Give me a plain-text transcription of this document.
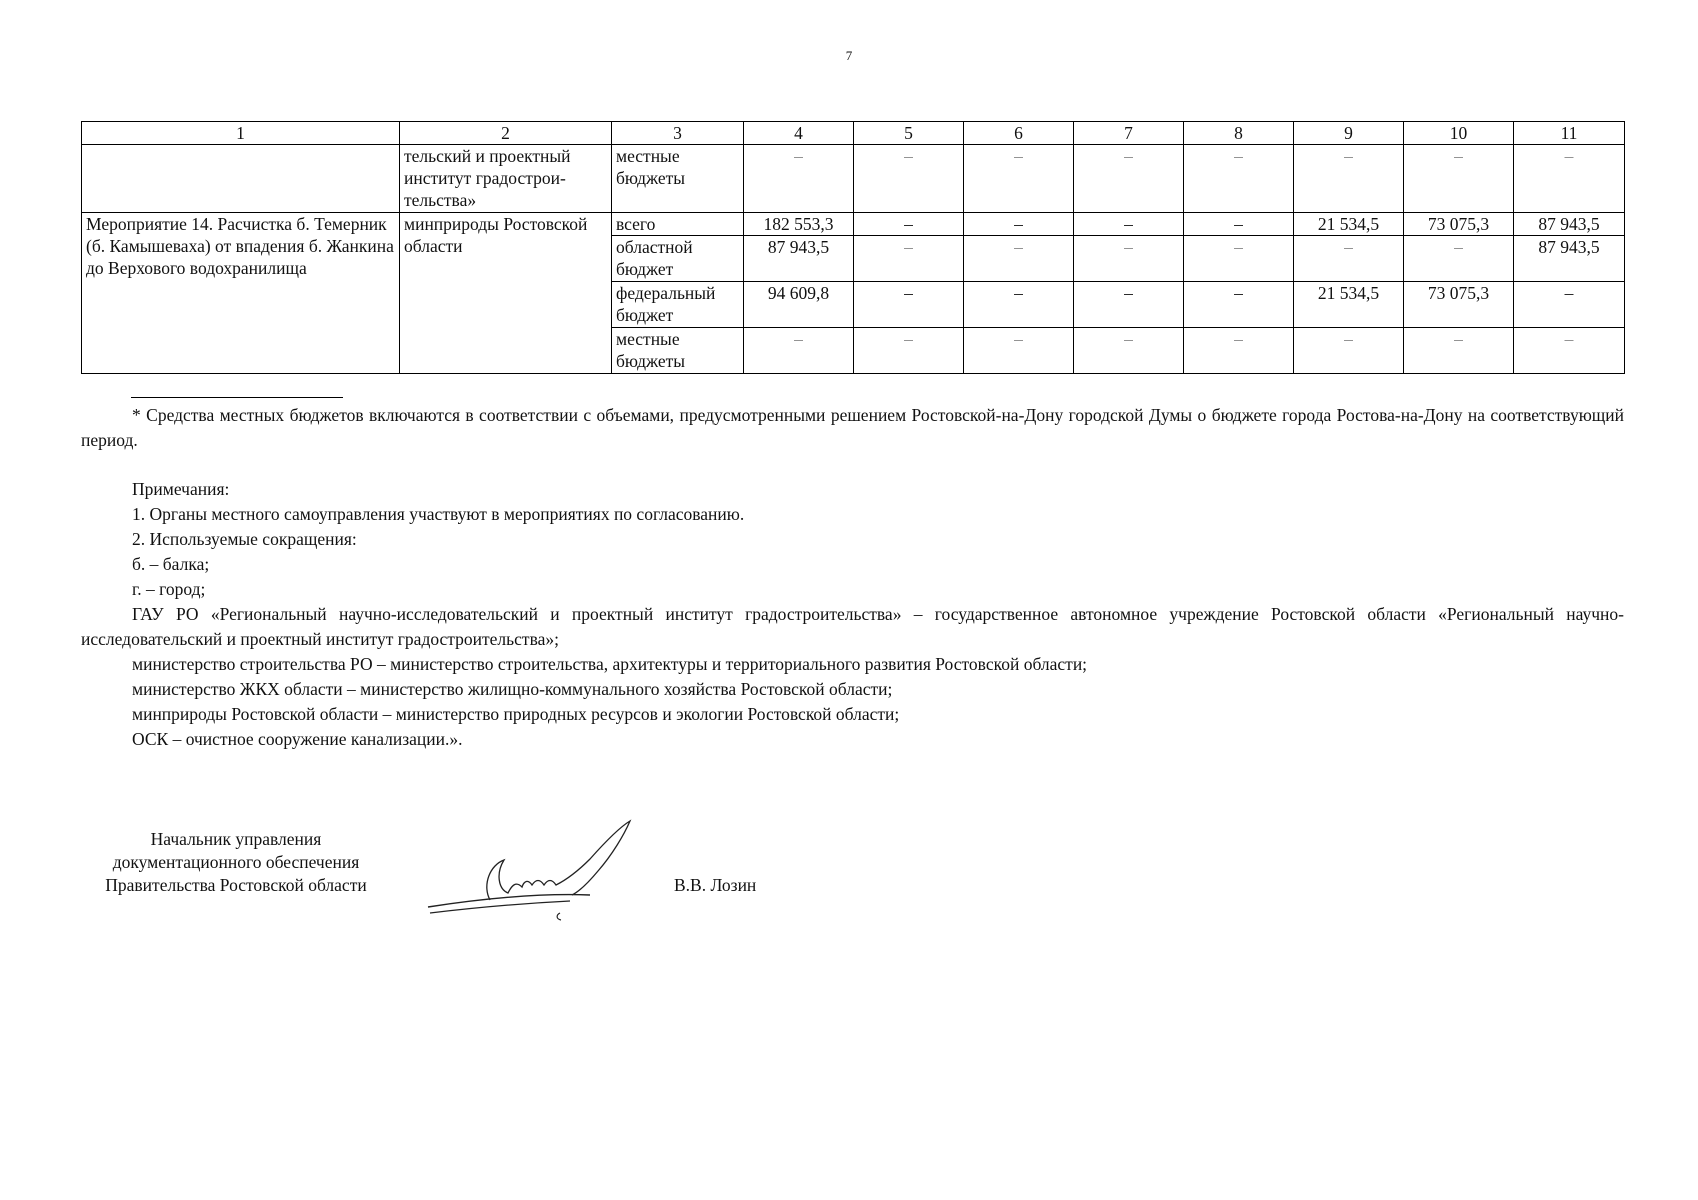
7
1	2	3	4	5	6	7	8	9	10	11
	тельский и проектный институт градострои-тельства»	местные бюджеты	–	–	–	–	–	–	–	–
Мероприятие 14. Расчистка б. Темерник (б. Камышеваха) от впадения б. Жанкина до Верхового водохранилища	минприроды Ростовской области	всего	182 553,3	–	–	–	–	21 534,5	73 075,3	87 943,5
		областной бюджет	87 943,5	–	–	–	–	–	–	87 943,5
		федеральный бюджет	94 609,8	–	–	–	–	21 534,5	73 075,3	–
		местные бюджеты	–	–	–	–	–	–	–	–

* Средства местных бюджетов включаются в соответствии с объемами, предусмотренными решением Ростовской-на-Дону городской Думы о бюджете города Ростова-на-Дону на соответствующий период.

Примечания:

1. Органы местного самоуправления участвуют в мероприятиях по согласованию.

2. Используемые сокращения:

б. – балка;

г. – город;

ГАУ РО «Региональный научно-исследовательский и проектный институт градостроительства» – государственное автономное учреждение Ростовской области «Региональный научно-исследовательский и проектный институт градостроительства»;

министерство строительства РО – министерство строительства, архитектуры и территориального развития Ростовской области;

министерство ЖКХ области – министерство жилищно-коммунального хозяйства Ростовской области;

минприроды Ростовской области – министерство природных ресурсов и экологии Ростовской области;

ОСК – очистное сооружение канализации.».

Начальник управления
документационного обеспечения
Правительства Ростовской области	В.В. Лозин
